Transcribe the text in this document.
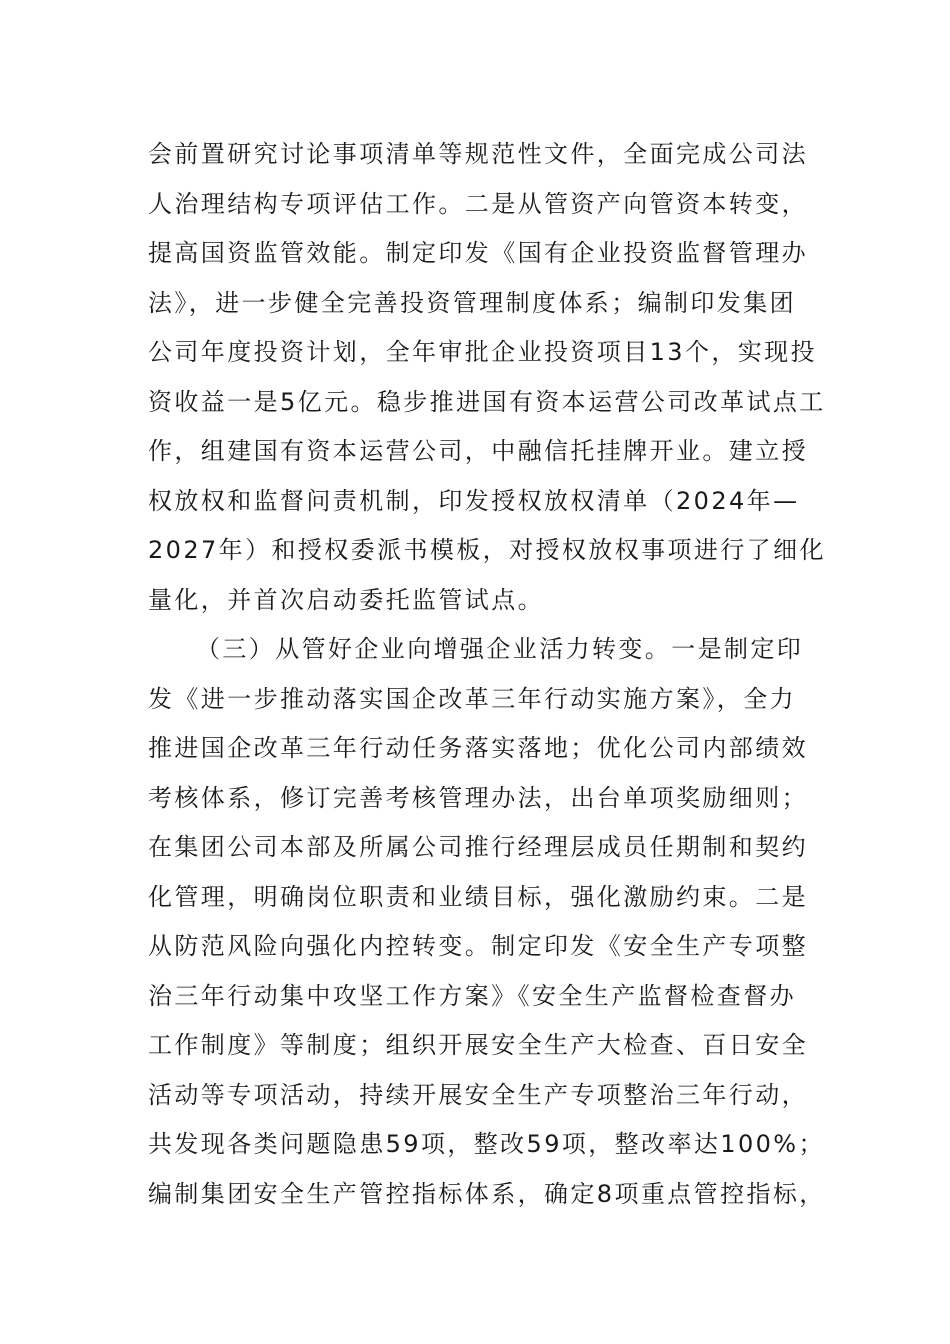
会前置研究讨论事项清单等规范性文件，全面完成公司法
人治理结构专项评估工作。二是从管资产向管资本转变，
提高国资监管效能。制定印发《国有企业投资监督管理办
法》，进一步健全完善投资管理制度体系；编制印发集团
公司年度投资计划，全年审批企业投资项目13个，实现投
资收益一是5亿元。稳步推进国有资本运营公司改革试点工
作，组建国有资本运营公司，中融信托挂牌开业。建立授
权放权和监督问责机制，印发授权放权清单（2024年—
2027年）和授权委派书模板，对授权放权事项进行了细化
量化，并首次启动委托监管试点。
（三）从管好企业向增强企业活力转变。一是制定印
发《进一步推动落实国企改革三年行动实施方案》，全力
推进国企改革三年行动任务落实落地；优化公司内部绩效
考核体系，修订完善考核管理办法，出台单项奖励细则；
在集团公司本部及所属公司推行经理层成员任期制和契约
化管理，明确岗位职责和业绩目标，强化激励约束。二是
从防范风险向强化内控转变。制定印发《安全生产专项整
治三年行动集中攻坚工作方案》《安全生产监督检查督办
工作制度》等制度；组织开展安全生产大检查、百日安全
活动等专项活动，持续开展安全生产专项整治三年行动，
共发现各类问题隐患59项，整改59项，整改率达100%；
编制集团安全生产管控指标体系，确定8项重点管控指标，
